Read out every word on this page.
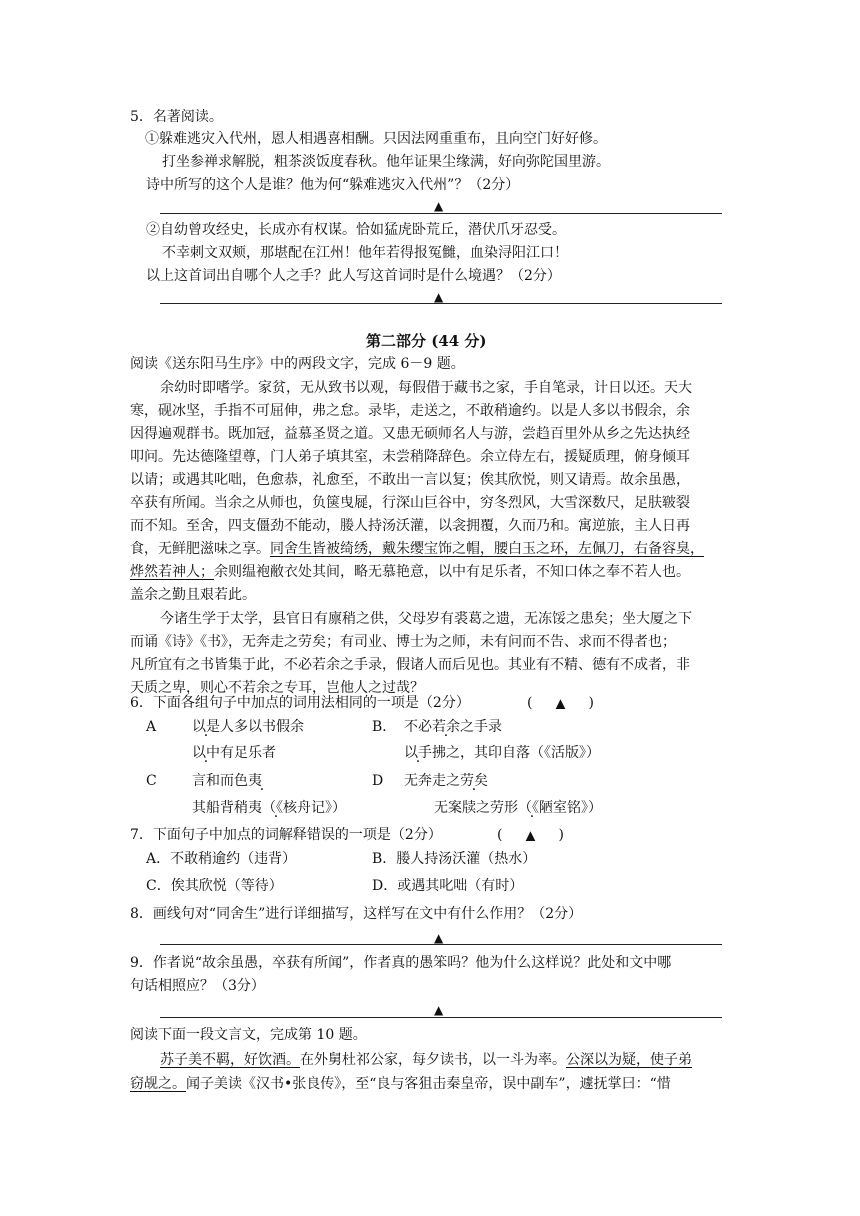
5．名著阅读。
①躲难逃灾入代州，恩人相遇喜相酬。只因法网重重布，且向空门好好修。
打坐参禅求解脱，粗茶淡饭度春秋。他年证果尘缘满，好向弥陀国里游。
诗中所写的这个人是谁？他为何“躲难逃灾入代州”？（2分）
▲
②自幼曾攻经史，长成亦有权谋。恰如猛虎卧荒丘，潜伏爪牙忍受。
不幸刺文双颊，那堪配在江州！他年若得报冤雠，血染浔阳江口！
以上这首词出自哪个人之手？此人写这首词时是什么境遇？（2分）
▲
第二部分 (44 分)
阅读《送东阳马生序》中的两段文字，完成 6－9 题。
余幼时即嗜学。家贫，无从致书以观，每假借于藏书之家，手自笔录，计日以还。天大
寒，砚冰坚，手指不可屈伸，弗之怠。录毕，走送之，不敢稍逾约。以是人多以书假余，余
因得遍观群书。既加冠，益慕圣贤之道。又患无硕师名人与游，尝趋百里外从乡之先达执经
叩问。先达德隆望尊，门人弟子填其室，未尝稍降辞色。余立侍左右，援疑质理，俯身倾耳
以请；或遇其叱咄，色愈恭，礼愈至，不敢出一言以复；俟其欣悦，则又请焉。故余虽愚，
卒获有所闻。当余之从师也，负箧曳屣，行深山巨谷中，穷冬烈风，大雪深数尺，足肤皲裂
而不知。至舍，四支僵劲不能动，媵人持汤沃灌，以衾拥覆，久而乃和。寓逆旅，主人日再
食，无鲜肥滋味之享。同舍生皆被绮绣，戴朱缨宝饰之帽，腰白玉之环，左佩刀，右备容臭，
烨然若神人；余则缊袍敝衣处其间，略无慕艳意，以中有足乐者，不知口体之奉不若人也。
盖余之勤且艰若此。
今诸生学于太学，县官日有廪稍之供，父母岁有裘葛之遗，无冻馁之患矣；坐大厦之下
而诵《诗》《书》，无奔走之劳矣；有司业、博士为之师，未有问而不告、求而不得者也；
凡所宜有之书皆集于此，不必若余之手录，假诸人而后见也。其业有不精、德有不成者，非
天质之卑，则心不若余之专耳，岂他人之过哉？
6．下面各组句子中加点的词用法相同的一项是（2分）	( ▲ )
A	以是人多以书假余	B． 不必若余之手录
以中有足乐者	以手拂之，其印自落（《活版》）
C	言和而色夷	D 无奔走之劳矣
其船背稍夷（《核舟记》）	无案牍之劳形（《陋室铭》）
7．下面句子中加点的词解释错误的一项是（2分）	( ▲ )
A．不敢稍逾约（违背）	B．媵人持汤沃灌（热水）
C．俟其欣悦（等待）	D．或遇其叱咄（有时）
8．画线句对“同舍生”进行详细描写，这样写在文中有什么作用？（2分）
▲
9．作者说“故余虽愚，卒获有所闻”，作者真的愚笨吗？他为什么这样说？此处和文中哪
句话相照应？（3分）
▲
阅读下面一段文言文，完成第 10 题。
苏子美不羁，好饮酒。在外舅杜祁公家，每夕读书，以一斗为率。公深以为疑，使子弟
窃觇之。闻子美读《汉书•张良传》，至“良与客狙击秦皇帝，误中副车”，遽抚掌曰：“惜
